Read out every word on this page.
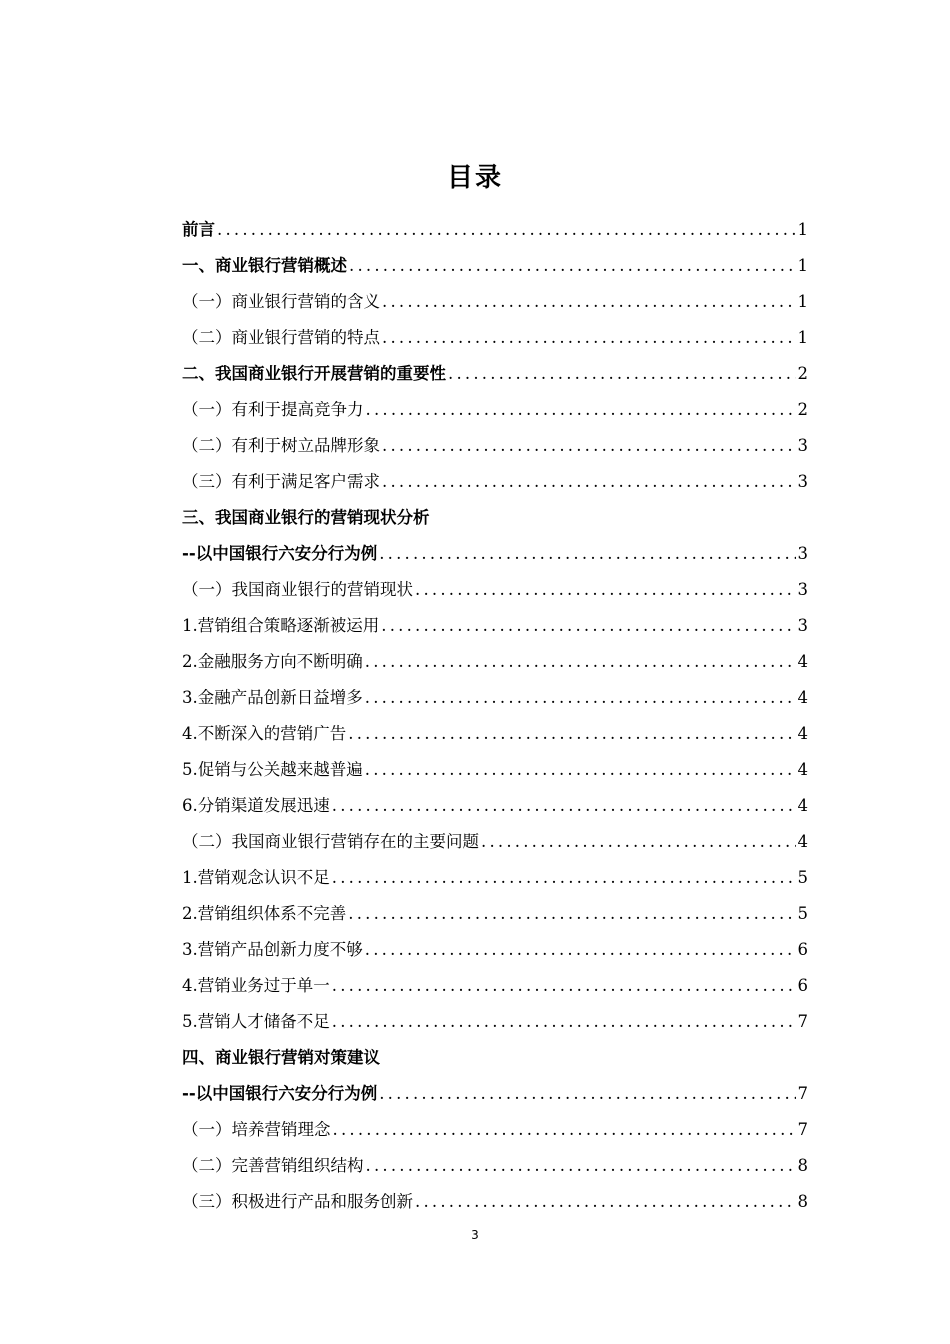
目录
前言 .....	1
一、商业银行营销概述 .....	1
（一）商业银行营销的含义 .....	1
（二）商业银行营销的特点 .....	1
二、我国商业银行开展营销的重要性 .....	2
（一）有利于提高竞争力 .....	2
（二）有利于树立品牌形象 .....	3
（三）有利于满足客户需求 .....	3
三、我国商业银行的营销现状分析
--以中国银行六安分行为例 .....	3
（一）我国商业银行的营销现状 .....	3
1.营销组合策略逐渐被运用 .....	3
2.金融服务方向不断明确 .....	4
3.金融产品创新日益增多 .....	4
4.不断深入的营销广告 .....	4
5.促销与公关越来越普遍 .....	4
6.分销渠道发展迅速 .....	4
（二）我国商业银行营销存在的主要问题 .....	4
1.营销观念认识不足 .....	5
2.营销组织体系不完善 .....	5
3.营销产品创新力度不够 .....	6
4.营销业务过于单一 .....	6
5.营销人才储备不足 .....	7
四、商业银行营销对策建议
--以中国银行六安分行为例 .....	7
（一）培养营销理念 .....	7
（二）完善营销组织结构 .....	8
（三）积极进行产品和服务创新 .....	8
3
